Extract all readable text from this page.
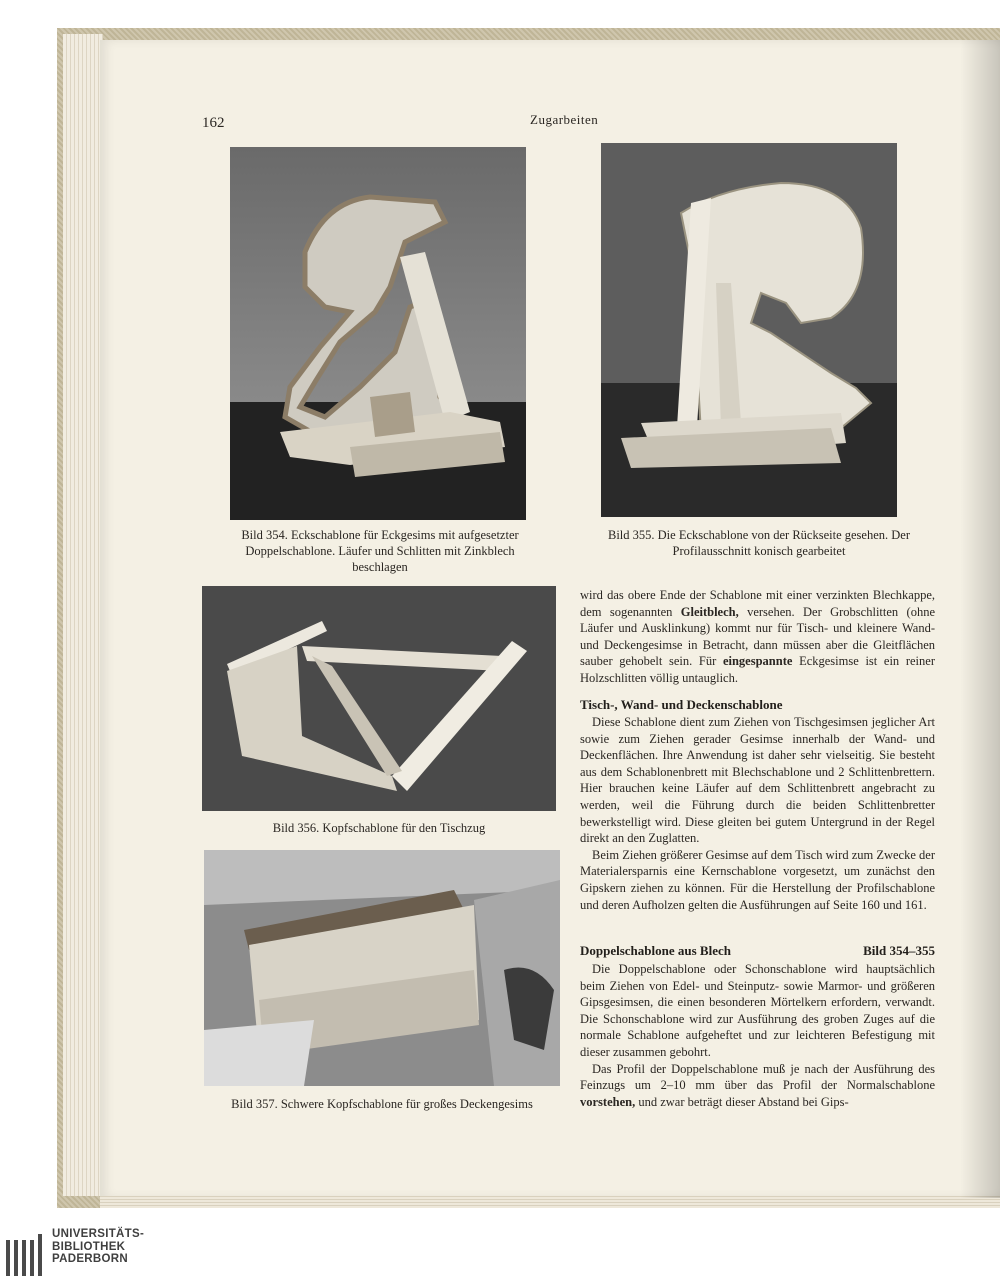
162	Zugarbeiten
Bild 354. Eckschablone für Eckgesims mit aufgesetzter Doppelschablone. Läufer und Schlitten mit Zinkblech beschlagen
Bild 355. Die Eckschablone von der Rückseite gesehen. Der Profilausschnitt konisch gearbeitet
Bild 356. Kopfschablone für den Tischzug
Bild 357. Schwere Kopfschablone für großes Deckengesims

wird das obere Ende der Schablone mit einer verzinkten Blechkappe, dem sogenannten Gleitblech, versehen. Der Grobschlitten (ohne Läufer und Ausklinkung) kommt nur für Tisch- und kleinere Wand- und Deckengesimse in Betracht, dann müssen aber die Gleitflächen sauber gehobelt sein. Für eingespannte Eckgesimse ist ein reiner Holzschlitten völlig untauglich.

Tisch-, Wand- und Deckenschablone

Diese Schablone dient zum Ziehen von Tischgesimsen jeglicher Art sowie zum Ziehen gerader Gesimse innerhalb der Wand- und Deckenflächen. Ihre Anwendung ist daher sehr vielseitig. Sie besteht aus dem Schablonenbrett mit Blechschablone und 2 Schlittenbrettern. Hier brauchen keine Läufer auf dem Schlittenbrett angebracht zu werden, weil die Führung durch die beiden Schlittenbretter bewerkstelligt wird. Diese gleiten bei gutem Untergrund in der Regel direkt an den Zuglatten.

Beim Ziehen größerer Gesimse auf dem Tisch wird zum Zwecke der Materialersparnis eine Kernschablone vorgesetzt, um zunächst den Gipskern ziehen zu können. Für die Herstellung der Profilschablone und deren Aufholzen gelten die Ausführungen auf Seite 160 und 161.

Doppelschablone aus Blech	Bild 354–355

Die Doppelschablone oder Schonschablone wird hauptsächlich beim Ziehen von Edel- und Steinputz- sowie Marmor- und größeren Gipsgesimsen, die einen besonderen Mörtelkern erfordern, verwandt. Die Schonschablone wird zur Ausführung des groben Zuges auf die normale Schablone aufgeheftet und zur leichteren Befestigung mit dieser zusammen gebohrt.

Das Profil der Doppelschablone muß je nach der Ausführung des Feinzugs um 2–10 mm über das Profil der Normalschablone vorstehen, und zwar beträgt dieser Abstand bei Gips-

UNIVERSITÄTS-
BIBLIOTHEK
PADERBORN
